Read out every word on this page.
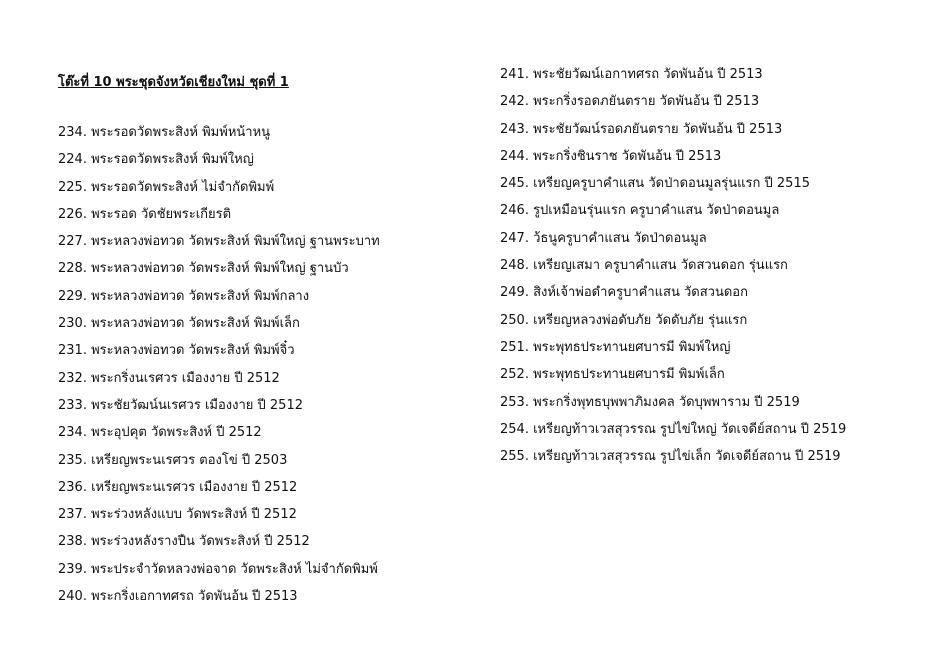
โต๊ะที่ 10 พระชุดจังหวัดเชียงใหม่ ชุดที่ 1
234. พระรอดวัดพระสิงห์ พิมพ์หน้าหนู
224. พระรอดวัดพระสิงห์ พิมพ์ใหญ่
225. พระรอดวัดพระสิงห์ ไม่จำกัดพิมพ์
226. พระรอด วัดชัยพระเกียรติ
227. พระหลวงพ่อทวด วัดพระสิงห์ พิมพ์ใหญ่ ฐานพระบาท
228. พระหลวงพ่อทวด วัดพระสิงห์ พิมพ์ใหญ่ ฐานบัว
229. พระหลวงพ่อทวด วัดพระสิงห์ พิมพ์กลาง
230. พระหลวงพ่อทวด วัดพระสิงห์ พิมพ์เล็ก
231. พระหลวงพ่อทวด วัดพระสิงห์ พิมพ์จิ๋ว
232. พระกริ่งนเรศวร เมืองงาย ปี 2512
233. พระชัยวัฒน์นเรศวร เมืองงาย ปี 2512
234. พระอุปคุต วัดพระสิงห์ ปี 2512
235. เหรียญพระนเรศวร ตองโข่ ปี 2503
236. เหรียญพระนเรศวร เมืองงาย ปี 2512
237. พระร่วงหลังแบบ วัดพระสิงห์ ปี 2512
238. พระร่วงหลังรางปืน วัดพระสิงห์ ปี 2512
239. พระประจำวัดหลวงพ่อจาด วัดพระสิงห์ ไม่จำกัดพิมพ์
240. พระกริ่งเอกาทศรถ วัดพันอ้น ปี 2513
241. พระชัยวัฒน์เอกาทศรถ วัดพันอ้น ปี 2513
242. พระกริ่งรอดภยันตราย วัดพันอ้น ปี 2513
243. พระชัยวัฒน์รอดภยันตราย วัดพันอ้น ปี 2513
244. พระกริ่งชินราช วัดพันอ้น ปี 2513
245. เหรียญครูบาคำแสน วัดป่าดอนมูลรุ่นแรก ปี 2515
246. รูปเหมือนรุ่นแรก ครูบาคำแสน วัดป่าดอนมูล
247. ว้ธนูครูบาคำแสน วัดป่าดอนมูล
248. เหรียญเสมา ครูบาคำแสน วัดสวนดอก รุ่นแรก
249. สิงห์เจ้าพ่อดำครูบาคำแสน วัดสวนดอก
250. เหรียญหลวงพ่อดับภัย วัดดับภัย รุ่นแรก
251. พระพุทธประทานยศบารมี พิมพ์ใหญ่
252. พระพุทธประทานยศบารมี พิมพ์เล็ก
253. พระกริ่งพุทธบุพพาภิมงคล วัดบุพพาราม ปี 2519
254. เหรียญท้าวเวสสุวรรณ รูปไข่ใหญ่ วัดเจดีย์สถาน ปี 2519
255. เหรียญท้าวเวสสุวรรณ รูปไข่เล็ก วัดเจดีย์สถาน ปี 2519
